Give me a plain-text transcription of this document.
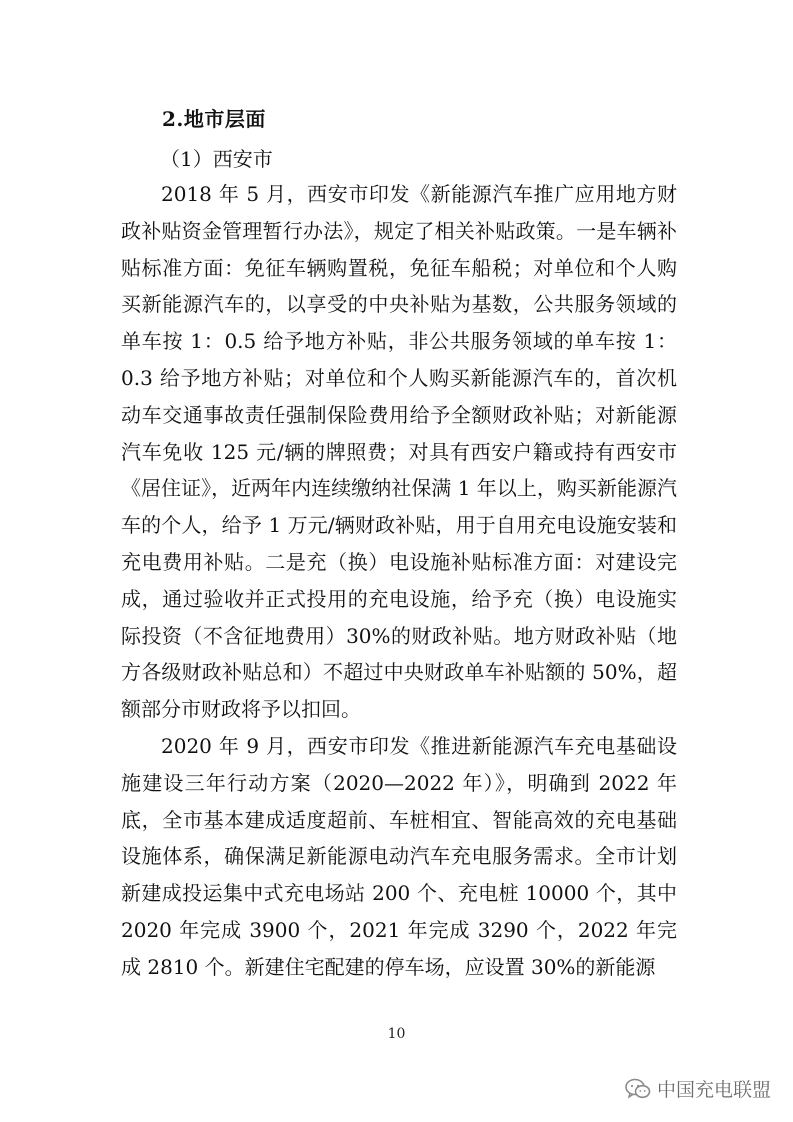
2.地市层面
（1）西安市

2018 年 5 月，西安市印发《新能源汽车推广应用地方财政补贴资金管理暂行办法》，规定了相关补贴政策。一是车辆补贴标准方面：免征车辆购置税，免征车船税；对单位和个人购买新能源汽车的，以享受的中央补贴为基数，公共服务领域的单车按 1：0.5 给予地方补贴，非公共服务领域的单车按 1：0.3 给予地方补贴；对单位和个人购买新能源汽车的，首次机动车交通事故责任强制保险费用给予全额财政补贴；对新能源汽车免收 125 元/辆的牌照费；对具有西安户籍或持有西安市《居住证》，近两年内连续缴纳社保满 1 年以上，购买新能源汽车的个人，给予 1 万元/辆财政补贴，用于自用充电设施安装和充电费用补贴。二是充（换）电设施补贴标准方面：对建设完成，通过验收并正式投用的充电设施，给予充（换）电设施实际投资（不含征地费用）30%的财政补贴。地方财政补贴（地方各级财政补贴总和）不超过中央财政单车补贴额的 50%，超额部分市财政将予以扣回。

2020 年 9 月，西安市印发《推进新能源汽车充电基础设施建设三年行动方案（2020—2022 年）》，明确到 2022 年底，全市基本建成适度超前、车桩相宜、智能高效的充电基础设施体系，确保满足新能源电动汽车充电服务需求。全市计划新建成投运集中式充电场站 200 个、充电桩 10000 个，其中 2020 年完成 3900 个，2021 年完成 3290 个，2022 年完成 2810 个。新建住宅配建的停车场，应设置 30%的新能源

10
中国充电联盟
